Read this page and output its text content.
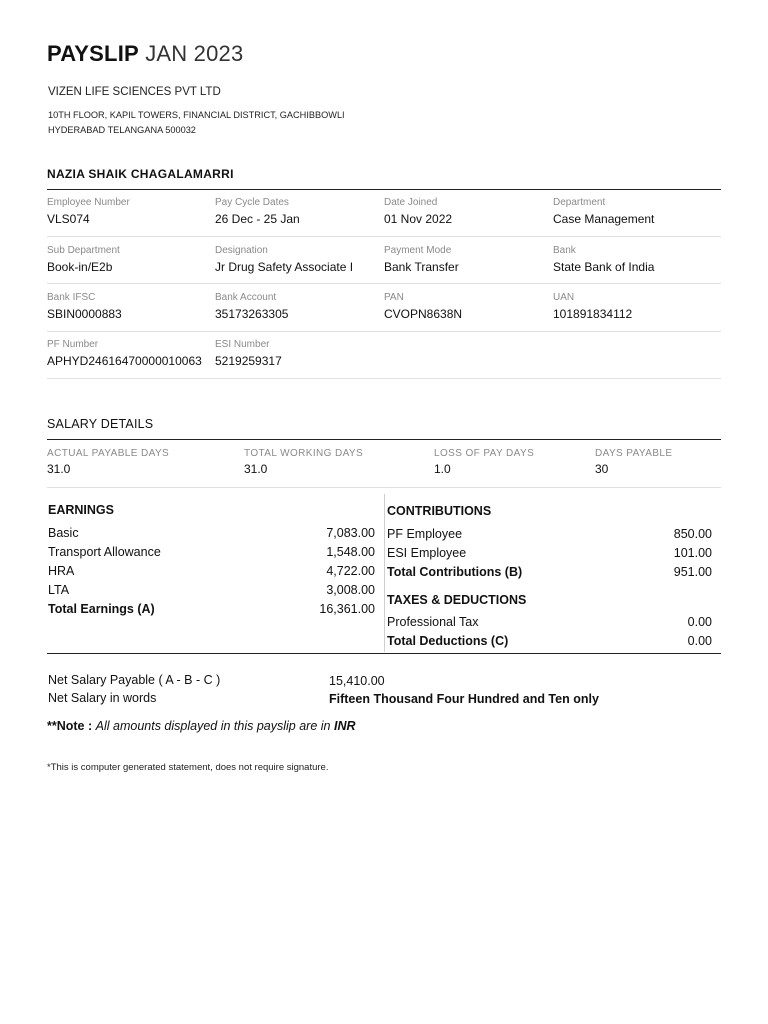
PAYSLIP JAN 2023
VIZEN LIFE SCIENCES PVT LTD
10TH FLOOR, KAPIL TOWERS, FINANCIAL DISTRICT, GACHIBBOWLI
HYDERABAD TELANGANA 500032
NAZIA SHAIK CHAGALAMARRI
Employee Number
VLS074
Pay Cycle Dates
26 Dec - 25 Jan
Date Joined
01 Nov 2022
Department
Case Management
Sub Department
Book-in/E2b
Designation
Jr Drug Safety Associate I
Payment Mode
Bank Transfer
Bank
State Bank of India
Bank IFSC
SBIN0000883
Bank Account
35173263305
PAN
CVOPN8638N
UAN
101891834112
PF Number
APHYD24616470000010063
ESI Number
5219259317
SALARY DETAILS
ACTUAL PAYABLE DAYS
31.0
TOTAL WORKING DAYS
31.0
LOSS OF PAY DAYS
1.0
DAYS PAYABLE
30
EARNINGS
Basic	7,083.00
Transport Allowance	1,548.00
HRA	4,722.00
LTA	3,008.00
Total Earnings (A)	16,361.00
CONTRIBUTIONS
PF Employee	850.00
ESI Employee	101.00
Total Contributions (B)	951.00
TAXES & DEDUCTIONS
Professional Tax	0.00
Total Deductions (C)	0.00
Net Salary Payable ( A - B - C )	15,410.00
Net Salary in words	Fifteen Thousand Four Hundred and Ten only
**Note : All amounts displayed in this payslip are in INR
*This is computer generated statement, does not require signature.
